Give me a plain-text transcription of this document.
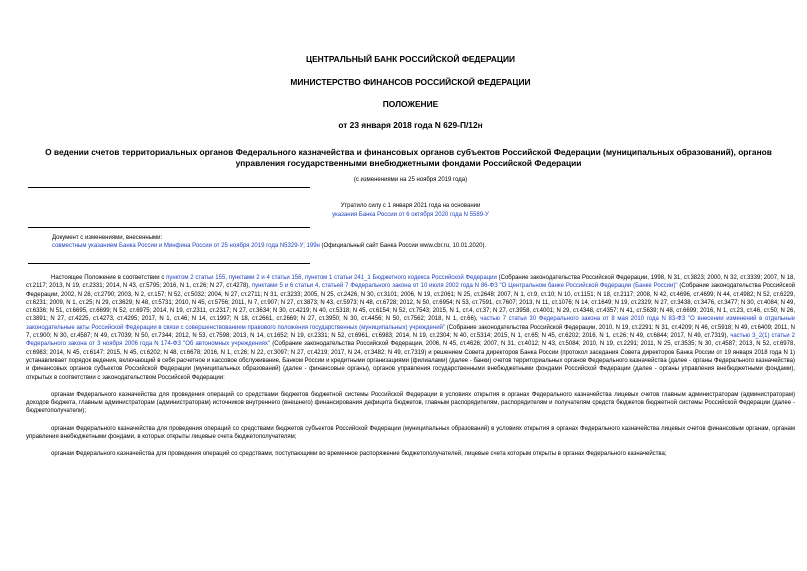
ЦЕНТРАЛЬНЫЙ БАНК РОССИЙСКОЙ ФЕДЕРАЦИИ
МИНИСТЕРСТВО ФИНАНСОВ РОССИЙСКОЙ ФЕДЕРАЦИИ
ПОЛОЖЕНИЕ
от 23 января 2018 года N 629-П/12н
О ведении счетов территориальных органов Федерального казначейства и финансовых органов субъектов Российской Федерации (муниципальных образований), органов управления государственными внебюджетными фондами Российской Федерации
(с изменениями на 25 ноября 2019 года)
Утратило силу с 1 января 2021 года на основании
указания Банка России от 6 октября 2020 года N 5589-У
Документ с изменениями, внесенными:
совместным указанием Банка России и Минфина России от 25 ноября 2019 года N5329-У; 199н (Официальный сайт Банка России www.cbr.ru, 10.01.2020).

Настоящее Положение в соответствии с пунктом 2 статьи 155, пунктами 2 и 4 статьи 156, пунктом 1 статьи 241_1 Бюджетного кодекса Российской Федерации (Собрание законодательства Российской Федерации, 1998, N 31, ст.3823; 2000, N 32, ст.3339; 2007, N 18, ст.2117; 2013, N 19, ст.2331; 2014, N 43, ст.5795; 2016, N 1, ст.26; N 27, ст.4278), пунктами 5 и 6 статьи 4, статьей 7 Федерального закона от 10 июля 2002 года N 86-ФЗ "О Центральном банке Российской Федерации (Банке России)" (Собрание законодательства Российской Федерации, 2002, N 28, ст.2790; 2003, N 2, ст.157; N 52, ст.5032; 2004, N 27, ст.2711; N 31, ст.3233; 2005, N 25, ст.2426, N 30, ст.3101; 2006, N 19, ст.2061; N 25, ст.2648; 2007, N 1, ст.9, ст.10; N 10, ст.1151; N 18, ст.2117; 2008, N 42, ст.4696, ст.4699; N 44, ст.4982; N 52, ст.6229, ст.6231; 2009, N 1, ст.25; N 29, ст.3629; N 48, ст.5731; 2010, N 45, ст.5756; 2011, N 7, ст.907; N 27, ст.3873; N 43, ст.5973; N 48, ст.6728; 2012, N 50, ст.6954; N 53, ст.7591, ст.7607; 2013, N 11, ст.1076; N 14, ст.1649; N 19, ст.2329; N 27, ст.3438, ст.3476, ст.3477; N 30, ст.4084; N 49, ст.6336; N 51, ст.6695, ст.6699; N 52, ст.6975; 2014, N 19, ст.2311, ст.2317; N 27, ст.3634; N 30, ст.4219; N 40, ст.5318; N 45, ст.6154; N 52, ст.7543; 2015, N 1, ст.4, ст.37; N 27, ст.3958, ст.4001; N 29, ст.4348, ст.4357; N 41, ст.5639; N 48, ст.6699; 2016, N 1, ст.23, ст.46, ст.50; N 26, ст.3891; N 27, ст.4225, ст.4273, ст.4295; 2017, N 1, ст.46; N 14, ст.1997; N 18, ст.2661, ст.2669; N 27, ст.3950; N 30, ст.4456; N 50, ст.7562; 2018, N 1, ст.66), частью 7 статьи 30 Федерального закона от 8 мая 2010 года N 83-ФЗ "О внесении изменений в отдельные законодательные акты Российской Федерации в связи с совершенствованием правового положения государственных (муниципальных) учреждений" (Собрание законодательства Российской Федерации, 2010, N 19, ст.2291; N 31, ст.4209; N 46, ст.5918; N 49, ст.6409; 2011, N 7, ст.900; N 30, ст.4587; N 49, ст.7039; N 50, ст.7344; 2012, N 53, ст.7598; 2013, N 14, ст.1652; N 19, ст.2331; N 52, ст.6961, ст.6983; 2014, N 19, ст.2304; N 40, ст.5314; 2015, N 1, ст.65; N 45, ст.6202; 2016, N 1, ст.26; N 49, ст.6844; 2017, N 49, ст.7319), частью 3_2(1) статьи 2 Федерального закона от 3 ноября 2006 года N 174-ФЗ "Об автономных учреждениях" (Собрание законодательства Российской Федерации, 2006, N 45, ст.4626; 2007, N 31, ст.4012; N 43, ст.5084; 2010, N 19, ст.2291; 2011, N 25, ст.3535; N 30, ст.4587; 2013, N 52, ст.6978, ст.6983; 2014, N 45, ст.6147; 2015, N 45, ст.6202; N 48, ст.6678; 2016, N 1, ст.26; N 22, ст.3097; N 27, ст.4219; 2017, N 24, ст.3482; N 49, ст.7319) и решением Совета директоров Банка России (протокол заседания Совета директоров Банка России от 19 января 2018 года N 1) устанавливает порядок ведения, включающий в себя расчетное и кассовое обслуживание, Банком России и кредитными организациями (филиалами) (далее - банки) счетов территориальных органов Федерального казначейства (далее - органы Федерального казначейства) и финансовых органов субъектов Российской Федерации (муниципальных образований) (далее - финансовые органы), органов управления государственными внебюджетными фондами Российской Федерации (далее - органы управления внебюджетными фондами), открытых в соответствии с законодательством Российской Федерации:

органам Федерального казначейства для проведения операций со средствами бюджетов бюджетной системы Российской Федерации в условиях открытия в органах Федерального казначейства лицевых счетов главным администраторам (администраторам) доходов бюджета, главным администраторам (администраторам) источников внутреннего (внешнего) финансирования дефицита бюджетов, главным распорядителям, распорядителям и получателям средств бюджетов бюджетной системы Российской Федерации (далее - бюджетополучатели);

органам Федерального казначейства для проведения операций со средствами бюджетов субъектов Российской Федерации (муниципальных образований) в условиях открытия в органах Федерального казначейства лицевых счетов финансовым органам, органам управления внебюджетными фондами, в которых открыты лицевые счета бюджетополучателям;

органам Федерального казначейства для проведения операций со средствами, поступающими во временное распоряжение бюджетополучателей, лицевые счета которым открыты в органах Федерального казначейства;
